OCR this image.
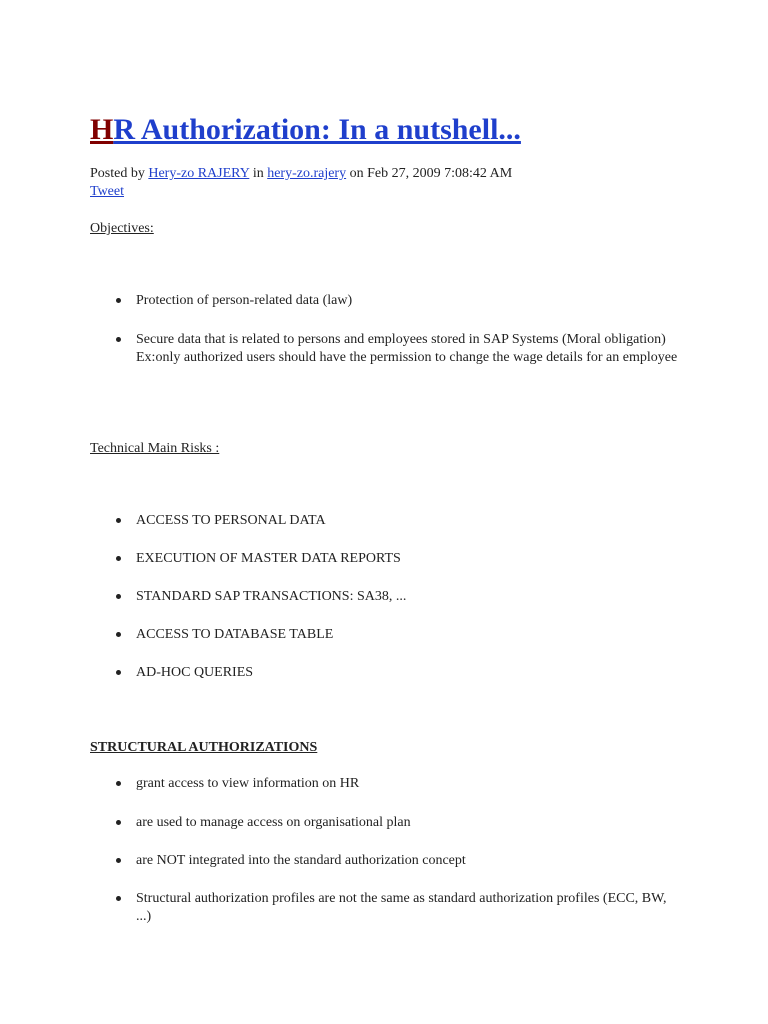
HR Authorization: In a nutshell...
Posted by Hery-zo RAJERY in hery-zo.rajery on Feb 27, 2009 7:08:42 AM
Tweet
Objectives:
Protection of person-related data (law)
Secure data that is related to persons and employees stored in SAP Systems (Moral obligation) Ex:only authorized users should have the permission to change the wage details for an employee
Technical Main Risks :
ACCESS TO PERSONAL DATA
EXECUTION OF MASTER DATA REPORTS
STANDARD SAP TRANSACTIONS: SA38, ...
ACCESS TO DATABASE TABLE
AD-HOC QUERIES
STRUCTURAL AUTHORIZATIONS
grant access to view information on HR
are used to manage access on organisational plan
are NOT integrated into the standard authorization concept
Structural authorization profiles are not the same as standard authorization profiles (ECC, BW, ...)
